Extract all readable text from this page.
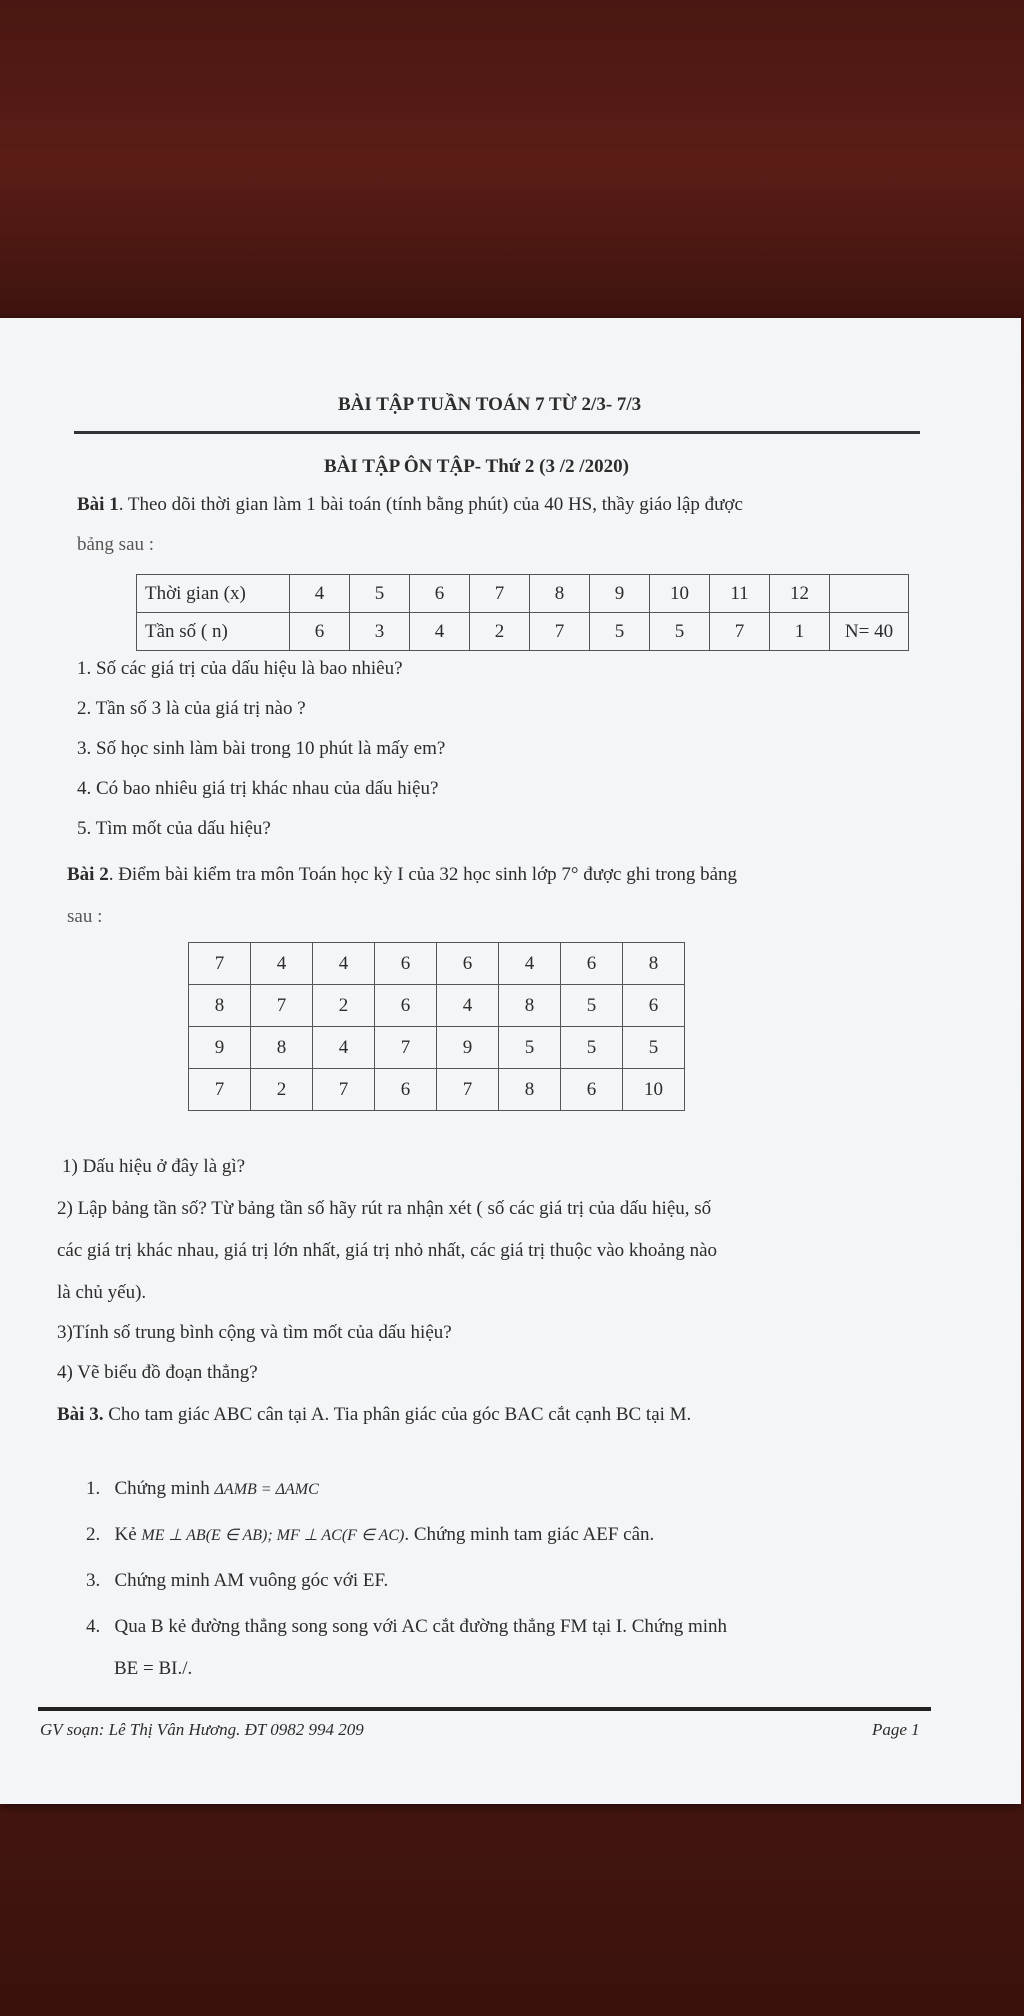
BÀI TẬP TUẦN TOÁN 7 TỪ 2/3- 7/3
BÀI TẬP ÔN TẬP- Thứ 2 (3 /2 /2020)
Bài 1. Theo dõi thời gian làm 1 bài toán (tính bằng phút) của 40 HS, thầy giáo lập được
bảng sau :
Thời gian (x)	4	5	6	7	8	9	10	11	12	
Tần số ( n)	6	3	4	2	7	5	5	7	1	N= 40
1. Số các giá trị của dấu hiệu là bao nhiêu?
2. Tần số 3 là của giá trị nào ?
3. Số học sinh làm bài trong 10 phút là mấy em?
4. Có bao nhiêu giá trị khác nhau của dấu hiệu?
5. Tìm mốt của dấu hiệu?
Bài 2. Điểm bài kiểm tra môn Toán học kỳ I của 32 học sinh lớp 7° được ghi trong bảng
sau :
7	4	4	6	6	4	6	8
8	7	2	6	4	8	5	6
9	8	4	7	9	5	5	5
7	2	7	6	7	8	6	10
1) Dấu hiệu ở đây là gì?
2) Lập bảng tần số? Từ bảng tần số hãy rút ra nhận xét ( số các giá trị của dấu hiệu, số
các giá trị khác nhau, giá trị lớn nhất, giá trị nhỏ nhất, các giá trị thuộc vào khoảng nào
là chủ yếu).
3)Tính số trung bình cộng và tìm mốt của dấu hiệu?
4) Vẽ biểu đồ đoạn thẳng?
Bài 3. Cho tam giác ABC cân tại A. Tia phân giác của góc BAC cắt cạnh BC tại M.
1. Chứng minh ΔAMB = ΔAMC
2. Kẻ ME ⊥ AB(E ∈ AB); MF ⊥ AC(F ∈ AC). Chứng minh tam giác AEF cân.
3. Chứng minh AM vuông góc với EF.
4. Qua B kẻ đường thẳng song song với AC cắt đường thẳng FM tại I. Chứng minh
BE = BI./.
GV soạn: Lê Thị Vân Hương. ĐT 0982 994 209	Page 1
